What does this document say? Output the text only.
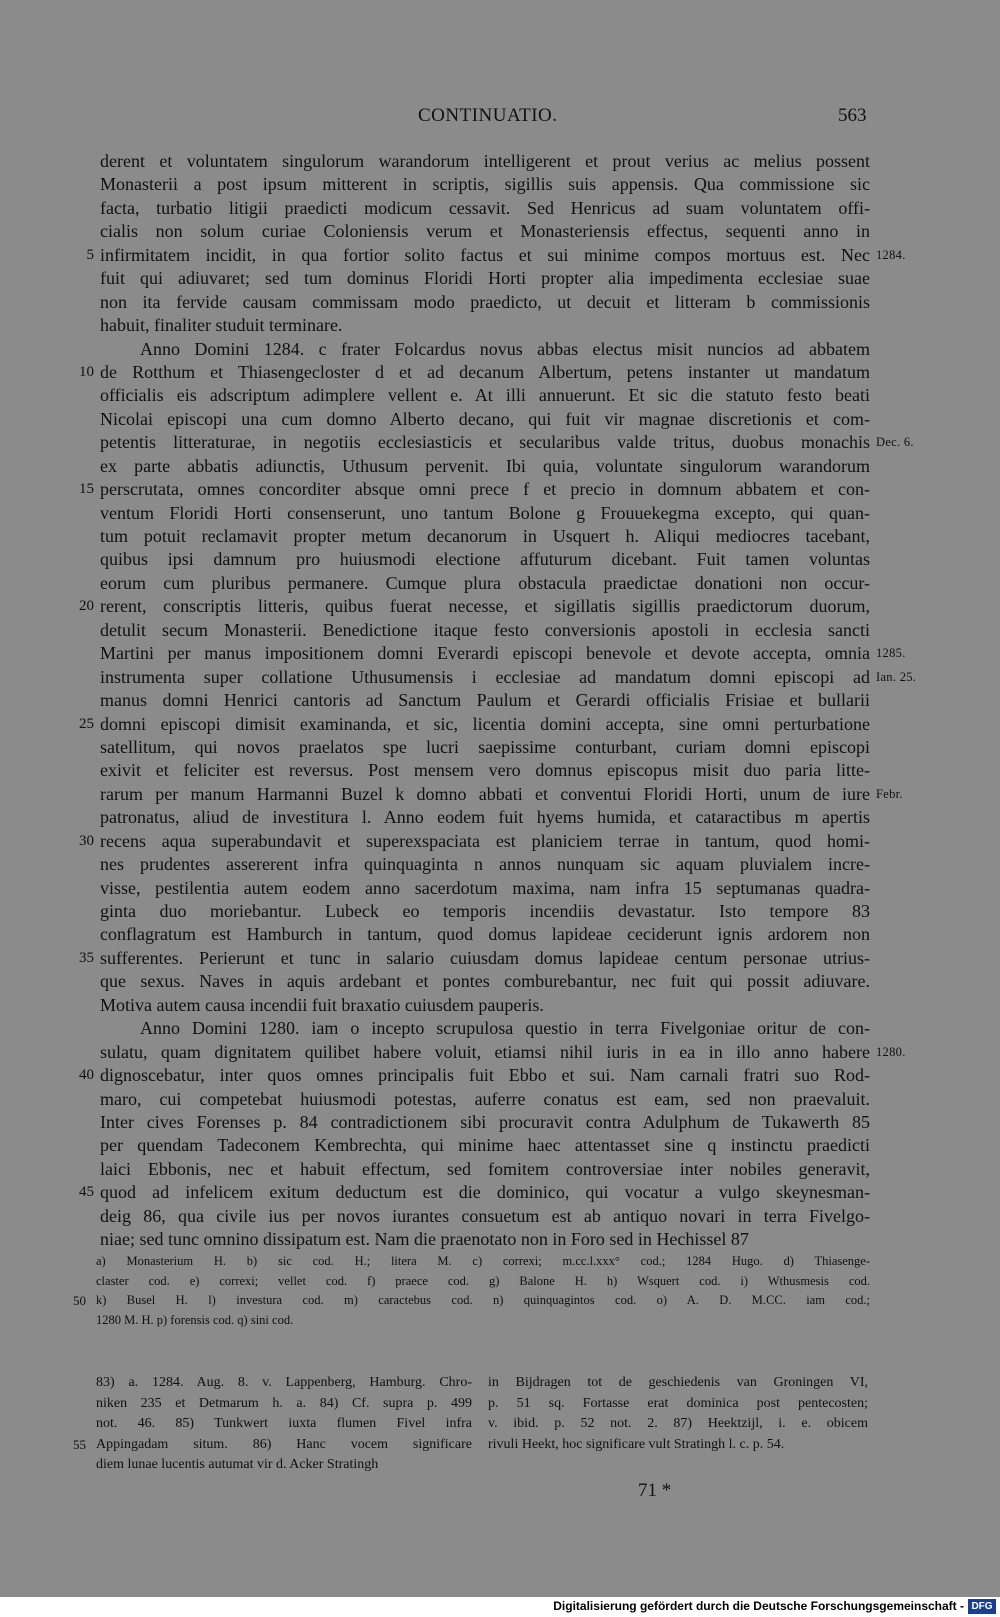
CONTINUATIO.	563
derent et voluntatem singulorum warandorum intelligerent et prout verius ac melius possent
Monasterii a post ipsum mitterent in scriptis, sigillis suis appensis. Qua commissione sic
facta, turbatio litigii praedicti modicum cessavit. Sed Henricus ad suam voluntatem offi-
cialis non solum curiae Coloniensis verum et Monasteriensis effectus, sequenti anno in
1284.
5 infirmitatem incidit, in qua fortior solito factus et sui minime compos mortuus est. Nec
fuit qui adiuvaret; sed tum dominus Floridi Horti propter alia impedimenta ecclesiae suae
non ita fervide causam commissam modo praedicto, ut decuit et litteram b commissionis
habuit, finaliter studuit terminare.
Anno Domini 1284. c frater Folcardus novus abbas electus misit nuncios ad abbatem
10 de Rotthum et Thiasengecloster d et ad decanum Albertum, petens instanter ut mandatum
officialis eis adscriptum adimplere vellent e. At illi annuerunt. Et sic die statuto festo beati
Nicolai episcopi una cum domno Alberto decano, qui fuit vir magnae discretionis et com-
Dec. 6.
petentis litteraturae, in negotiis ecclesiasticis et secularibus valde tritus, duobus monachis
ex parte abbatis adiunctis, Uthusum pervenit. Ibi quia, voluntate singulorum warandorum
15 perscrutata, omnes concorditer absque omni prece f et precio in domnum abbatem et con-
ventum Floridi Horti consenserunt, uno tantum Bolone g Frouuekegma excepto, qui quan-
tum potuit reclamavit propter metum decanorum in Usquert h. Aliqui mediocres tacebant,
quibus ipsi damnum pro huiusmodi electione affuturum dicebant. Fuit tamen voluntas
eorum cum pluribus permanere. Cumque plura obstacula praedictae donationi non occur-
20 rerent, conscriptis litteris, quibus fuerat necesse, et sigillatis sigillis praedictorum duorum,
detulit secum Monasterii. Benedictione itaque festo conversionis apostoli in ecclesia sancti
1285.
Martini per manus impositionem domni Everardi episcopi benevole et devote accepta, omnia
Ian. 25.
instrumenta super collatione Uthusumensis i ecclesiae ad mandatum domni episcopi ad
manus domni Henrici cantoris ad Sanctum Paulum et Gerardi officialis Frisiae et bullarii
25 domni episcopi dimisit examinanda, et sic, licentia domini accepta, sine omni perturbatione
satellitum, qui novos praelatos spe lucri saepissime conturbant, curiam domni episcopi
exivit et feliciter est reversus. Post mensem vero domnus episcopus misit duo paria litte-
Febr.
rarum per manum Harmanni Buzel k domno abbati et conventui Floridi Horti, unum de iure
patronatus, aliud de investitura l. Anno eodem fuit hyems humida, et cataractibus m apertis
30 recens aqua superabundavit et superexspaciata est planiciem terrae in tantum, quod homi-
nes prudentes assererent infra quinquaginta n annos nunquam sic aquam pluvialem incre-
visse, pestilentia autem eodem anno sacerdotum maxima, nam infra 15 septumanas quadra-
ginta duo moriebantur. Lubeck eo temporis incendiis devastatur. Isto tempore 83
conflagratum est Hamburch in tantum, quod domus lapideae ceciderunt ignis ardorem non
35 sufferentes. Perierunt et tunc in salario cuiusdam domus lapideae centum personae utrius-
que sexus. Naves in aquis ardebant et pontes comburebantur, nec fuit qui possit adiuvare.
Motiva autem causa incendii fuit braxatio cuiusdem pauperis.
Anno Domini 1280. iam o incepto scrupulosa questio in terra Fivelgoniae oritur de con-
1280.
sulatu, quam dignitatem quilibet habere voluit, etiamsi nihil iuris in ea in illo anno habere
40 dignoscebatur, inter quos omnes principalis fuit Ebbo et sui. Nam carnali fratri suo Rod-
maro, cui competebat huiusmodi potestas, auferre conatus est eam, sed non praevaluit.
Inter cives Forenses p. 84 contradictionem sibi procuravit contra Adulphum de Tukawerth 85
per quendam Tadeconem Kembrechta, qui minime haec attentasset sine q instinctu praedicti
laici Ebbonis, nec et habuit effectum, sed fomitem controversiae inter nobiles generavit,
45 quod ad infelicem exitum deductum est die dominico, qui vocatur a vulgo skeynesman-
deig 86, qua civile ius per novos iurantes consuetum est ab antiquo novari in terra Fivelgo-
niae; sed tunc omnino dissipatum est. Nam die praenotato non in Foro sed in Hechissel 87
a) Monasterium H. b) sic cod. H.; litera M. c) correxi; m.cc.l.xxx° cod.; 1284 Hugo. d) Thiasenge-
claster cod. e) correxi; vellet cod. f) praece cod. g) Balone H. h) Wsquert cod. i) Wthusmesis cod.
50 k) Busel H. l) investura cod. m) caractebus cod. n) quinquagintos cod. o) A. D. M.CC. iam cod.;
1280 M. H. p) forensis cod. q) sini cod.
83) a. 1284. Aug. 8. v. Lappenberg, Hamburg. Chro-
niken 235 et Detmarum h. a. 84) Cf. supra p. 499
not. 46. 85) Tunkwert iuxta flumen Fivel infra
55 Appingadam situm. 86) Hanc vocem significare
diem lunae lucentis autumat vir d. Acker Stratingh
in Bijdragen tot de geschiedenis van Groningen VI,
p. 51 sq. Fortasse erat dominica post pentecosten;
v. ibid. p. 52 not. 2. 87) Heektzijl, i. e. obicem
rivuli Heekt, hoc significare vult Stratingh l. c. p. 54.
71 *
Digitalisierung gefördert durch die Deutsche Forschungsgemeinschaft - DFG
